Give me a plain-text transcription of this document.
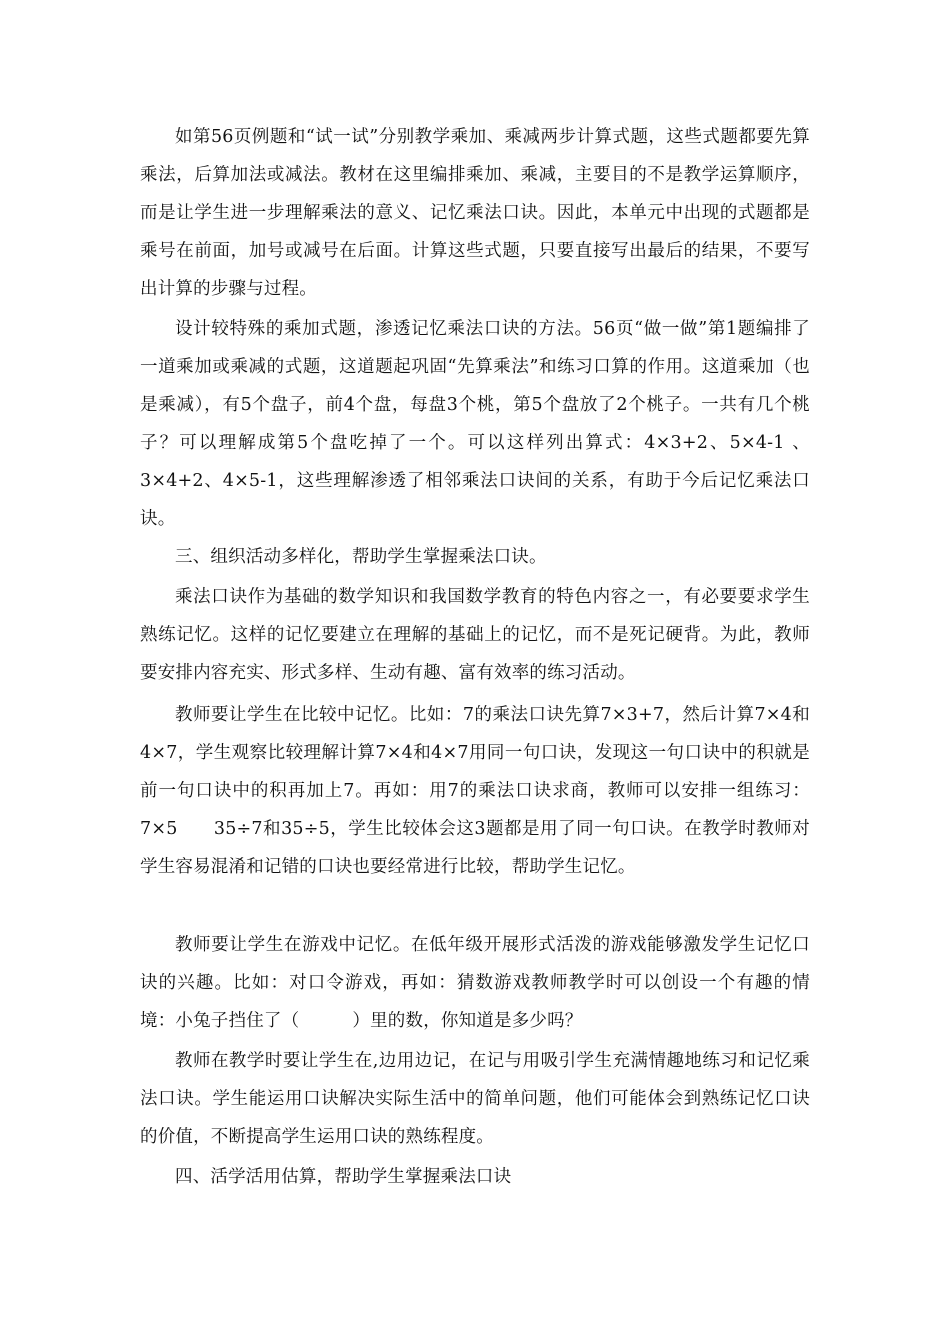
如第56页例题和“试一试”分别教学乘加、乘减两步计算式题，这些式题都要先算乘法，后算加法或减法。教材在这里编排乘加、乘减，主要目的不是教学运算顺序，而是让学生进一步理解乘法的意义、记忆乘法口诀。因此，本单元中出现的式题都是乘号在前面，加号或减号在后面。计算这些式题，只要直接写出最后的结果，不要写出计算的步骤与过程。

设计较特殊的乘加式题，渗透记忆乘法口诀的方法。56页“做一做”第1题编排了一道乘加或乘减的式题，这道题起巩固“先算乘法”和练习口算的作用。这道乘加（也是乘减），有5个盘子，前4个盘，每盘3个桃，第5个盘放了2个桃子。一共有几个桃子？可以理解成第5个盘吃掉了一个。可以这样列出算式：4×3+2、5×4-1 、3×4+2、4×5-1，这些理解渗透了相邻乘法口诀间的关系，有助于今后记忆乘法口诀。

三、组织活动多样化，帮助学生掌握乘法口诀。

乘法口诀作为基础的数学知识和我国数学教育的特色内容之一，有必要要求学生熟练记忆。这样的记忆要建立在理解的基础上的记忆，而不是死记硬背。为此，教师要安排内容充实、形式多样、生动有趣、富有效率的练习活动。

教师要让学生在比较中记忆。比如：7的乘法口诀先算7×3+7，然后计算7×4和4×7，学生观察比较理解计算7×4和4×7用同一句口诀，发现这一句口诀中的积就是前一句口诀中的积再加上7。再如：用7的乘法口诀求商，教师可以安排一组练习：7×5　　35÷7和35÷5，学生比较体会这3题都是用了同一句口诀。在教学时教师对学生容易混淆和记错的口诀也要经常进行比较，帮助学生记忆。

教师要让学生在游戏中记忆。在低年级开展形式活泼的游戏能够激发学生记忆口诀的兴趣。比如：对口令游戏，再如：猜数游戏教师教学时可以创设一个有趣的情境：小兔子挡住了（　　　）里的数，你知道是多少吗？

教师在教学时要让学生在,边用边记，在记与用吸引学生充满情趣地练习和记忆乘法口诀。学生能运用口诀解决实际生活中的简单问题，他们可能体会到熟练记忆口诀的价值，不断提高学生运用口诀的熟练程度。

四、活学活用估算，帮助学生掌握乘法口诀
